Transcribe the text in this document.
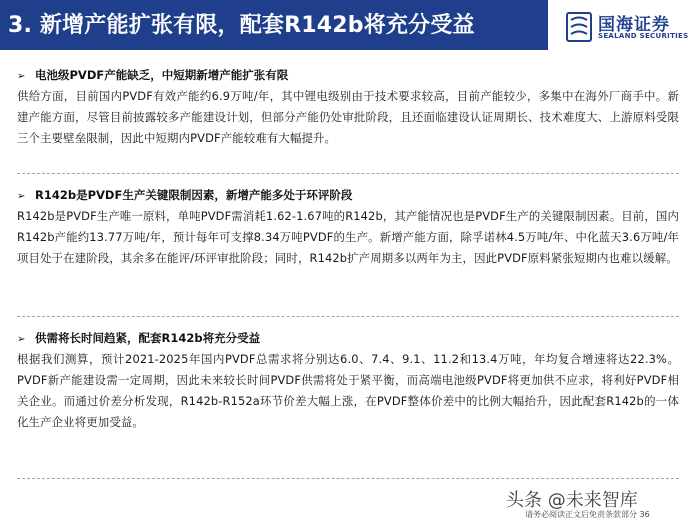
3. 新增产能扩张有限，配套R142b将充分受益	国海证券
SEALAND SECURITIES
➢ 电池级PVDF产能缺乏，中短期新增产能扩张有限
供给方面，目前国内PVDF有效产能约6.9万吨/年，其中锂电级别由于技术要求较高，目前产能较少，多集中在海外厂商手中。新建产能方面，尽管目前披露较多产能建设计划，但部分产能仍处审批阶段，且还面临建设认证周期长、技术难度大、上游原料受限三个主要壁垒限制，因此中短期内PVDF产能较难有大幅提升。
➢ R142b是PVDF生产关键限制因素，新增产能多处于环评阶段
R142b是PVDF生产唯一原料，单吨PVDF需消耗1.62-1.67吨的R142b，其产能情况也是PVDF生产的关键限制因素。目前，国内R142b产能约13.77万吨/年，预计每年可支撑8.34万吨PVDF的生产。新增产能方面，除孚诺林4.5万吨/年、中化蓝天3.6万吨/年项目处于在建阶段，其余多在能评/环评审批阶段；同时，R142b扩产周期多以两年为主，因此PVDF原料紧张短期内也难以缓解。
➢ 供需将长时间趋紧，配套R142b将充分受益
根据我们测算，预计2021-2025年国内PVDF总需求将分别达6.0、7.4、9.1、11.2和13.4万吨，年均复合增速将达22.3%。PVDF新产能建设需一定周期，因此未来较长时间PVDF供需将处于紧平衡，而高端电池级PVDF将更加供不应求，将利好PVDF相关企业。而通过价差分析发现，R142b-R152a环节价差大幅上涨，在PVDF整体价差中的比例大幅抬升，因此配套R142b的一体化生产企业将更加受益。
头条 @未来智库
请务必阅读正文后免责条款部分 36
